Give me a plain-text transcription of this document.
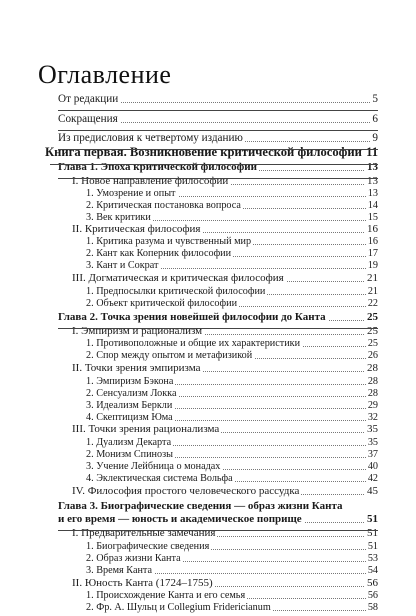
Оглавление
От редакции	5
Сокращения	6
Из предисловия к четвертому изданию	9
Книга первая. Возникновение критической философии 11
Глава 1. Эпоха критической философии	13
I. Новое направление философии	13
1. Умозрение и опыт	13
2. Критическая постановка вопроса	14
3. Век критики	15
II. Критическая философия	16
1. Критика разума и чувственный мир	16
2. Кант как Коперник философии	17
3. Кант и Сократ	19
III. Догматическая и критическая философия	21
1. Предпосылки критической философии	21
2. Объект критической философии	22
Глава 2. Точка зрения новейшей философии до Канта	25
I. Эмпиризм и рационализм	25
1. Противоположные и общие их характеристики	25
2. Спор между опытом и метафизикой	26
II. Точки зрения эмпиризма	28
1. Эмпиризм Бэкона	28
2. Сенсуализм Локка	28
3. Идеализм Беркли	29
4. Скептицизм Юма	32
III. Точки зрения рационализма	35
1. Дуализм Декарта	35
2. Монизм Спинозы	37
3. Учение Лейбница о монадах	40
4. Эклектическая система Вольфа	42
IV. Философия простого человеческого рассудка	45
Глава 3. Биографические сведения — образ жизни Канта
и его время — юность и академическое поприще	51
I. Предварительные замечания	51
1. Биографические сведения	51
2. Образ жизни Канта	53
3. Время Канта	54
II. Юность Канта (1724–1755)	56
1. Происхождение Канта и его семья	56
2. Фр. А. Шульц и Collegium Fridericianum	58
